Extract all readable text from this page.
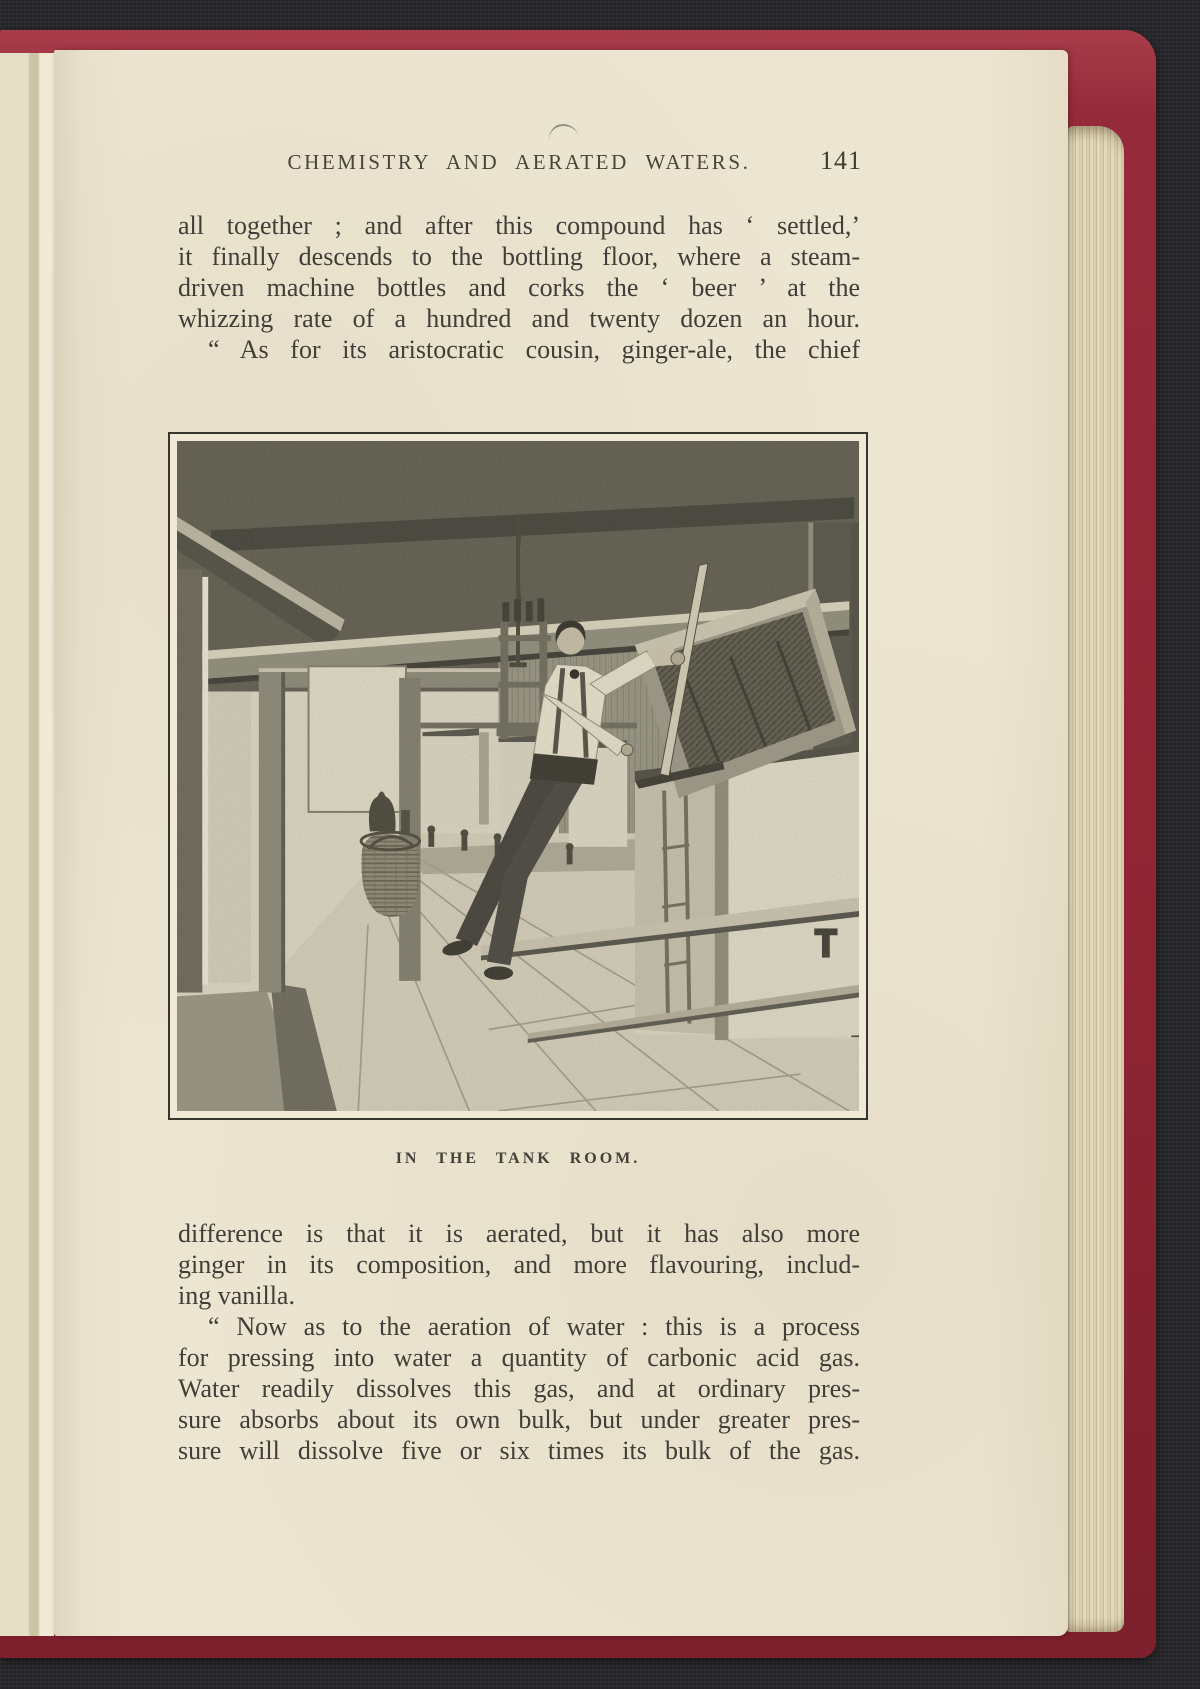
CHEMISTRY AND AERATED WATERS.	141
all together ; and after this compound has ‘ settled,’
it finally descends to the bottling floor, where a steam-
driven machine bottles and corks the ‘ beer ’ at the
whizzing rate of a hundred and twenty dozen an hour.
“ As for its aristocratic cousin, ginger-ale, the chief
IN THE TANK ROOM.
difference is that it is aerated, but it has also more
ginger in its composition, and more flavouring, includ-
ing vanilla.
“ Now as to the aeration of water : this is a process
for pressing into water a quantity of carbonic acid gas.
Water readily dissolves this gas, and at ordinary pres-
sure absorbs about its own bulk, but under greater pres-
sure will dissolve five or six times its bulk of the gas.
